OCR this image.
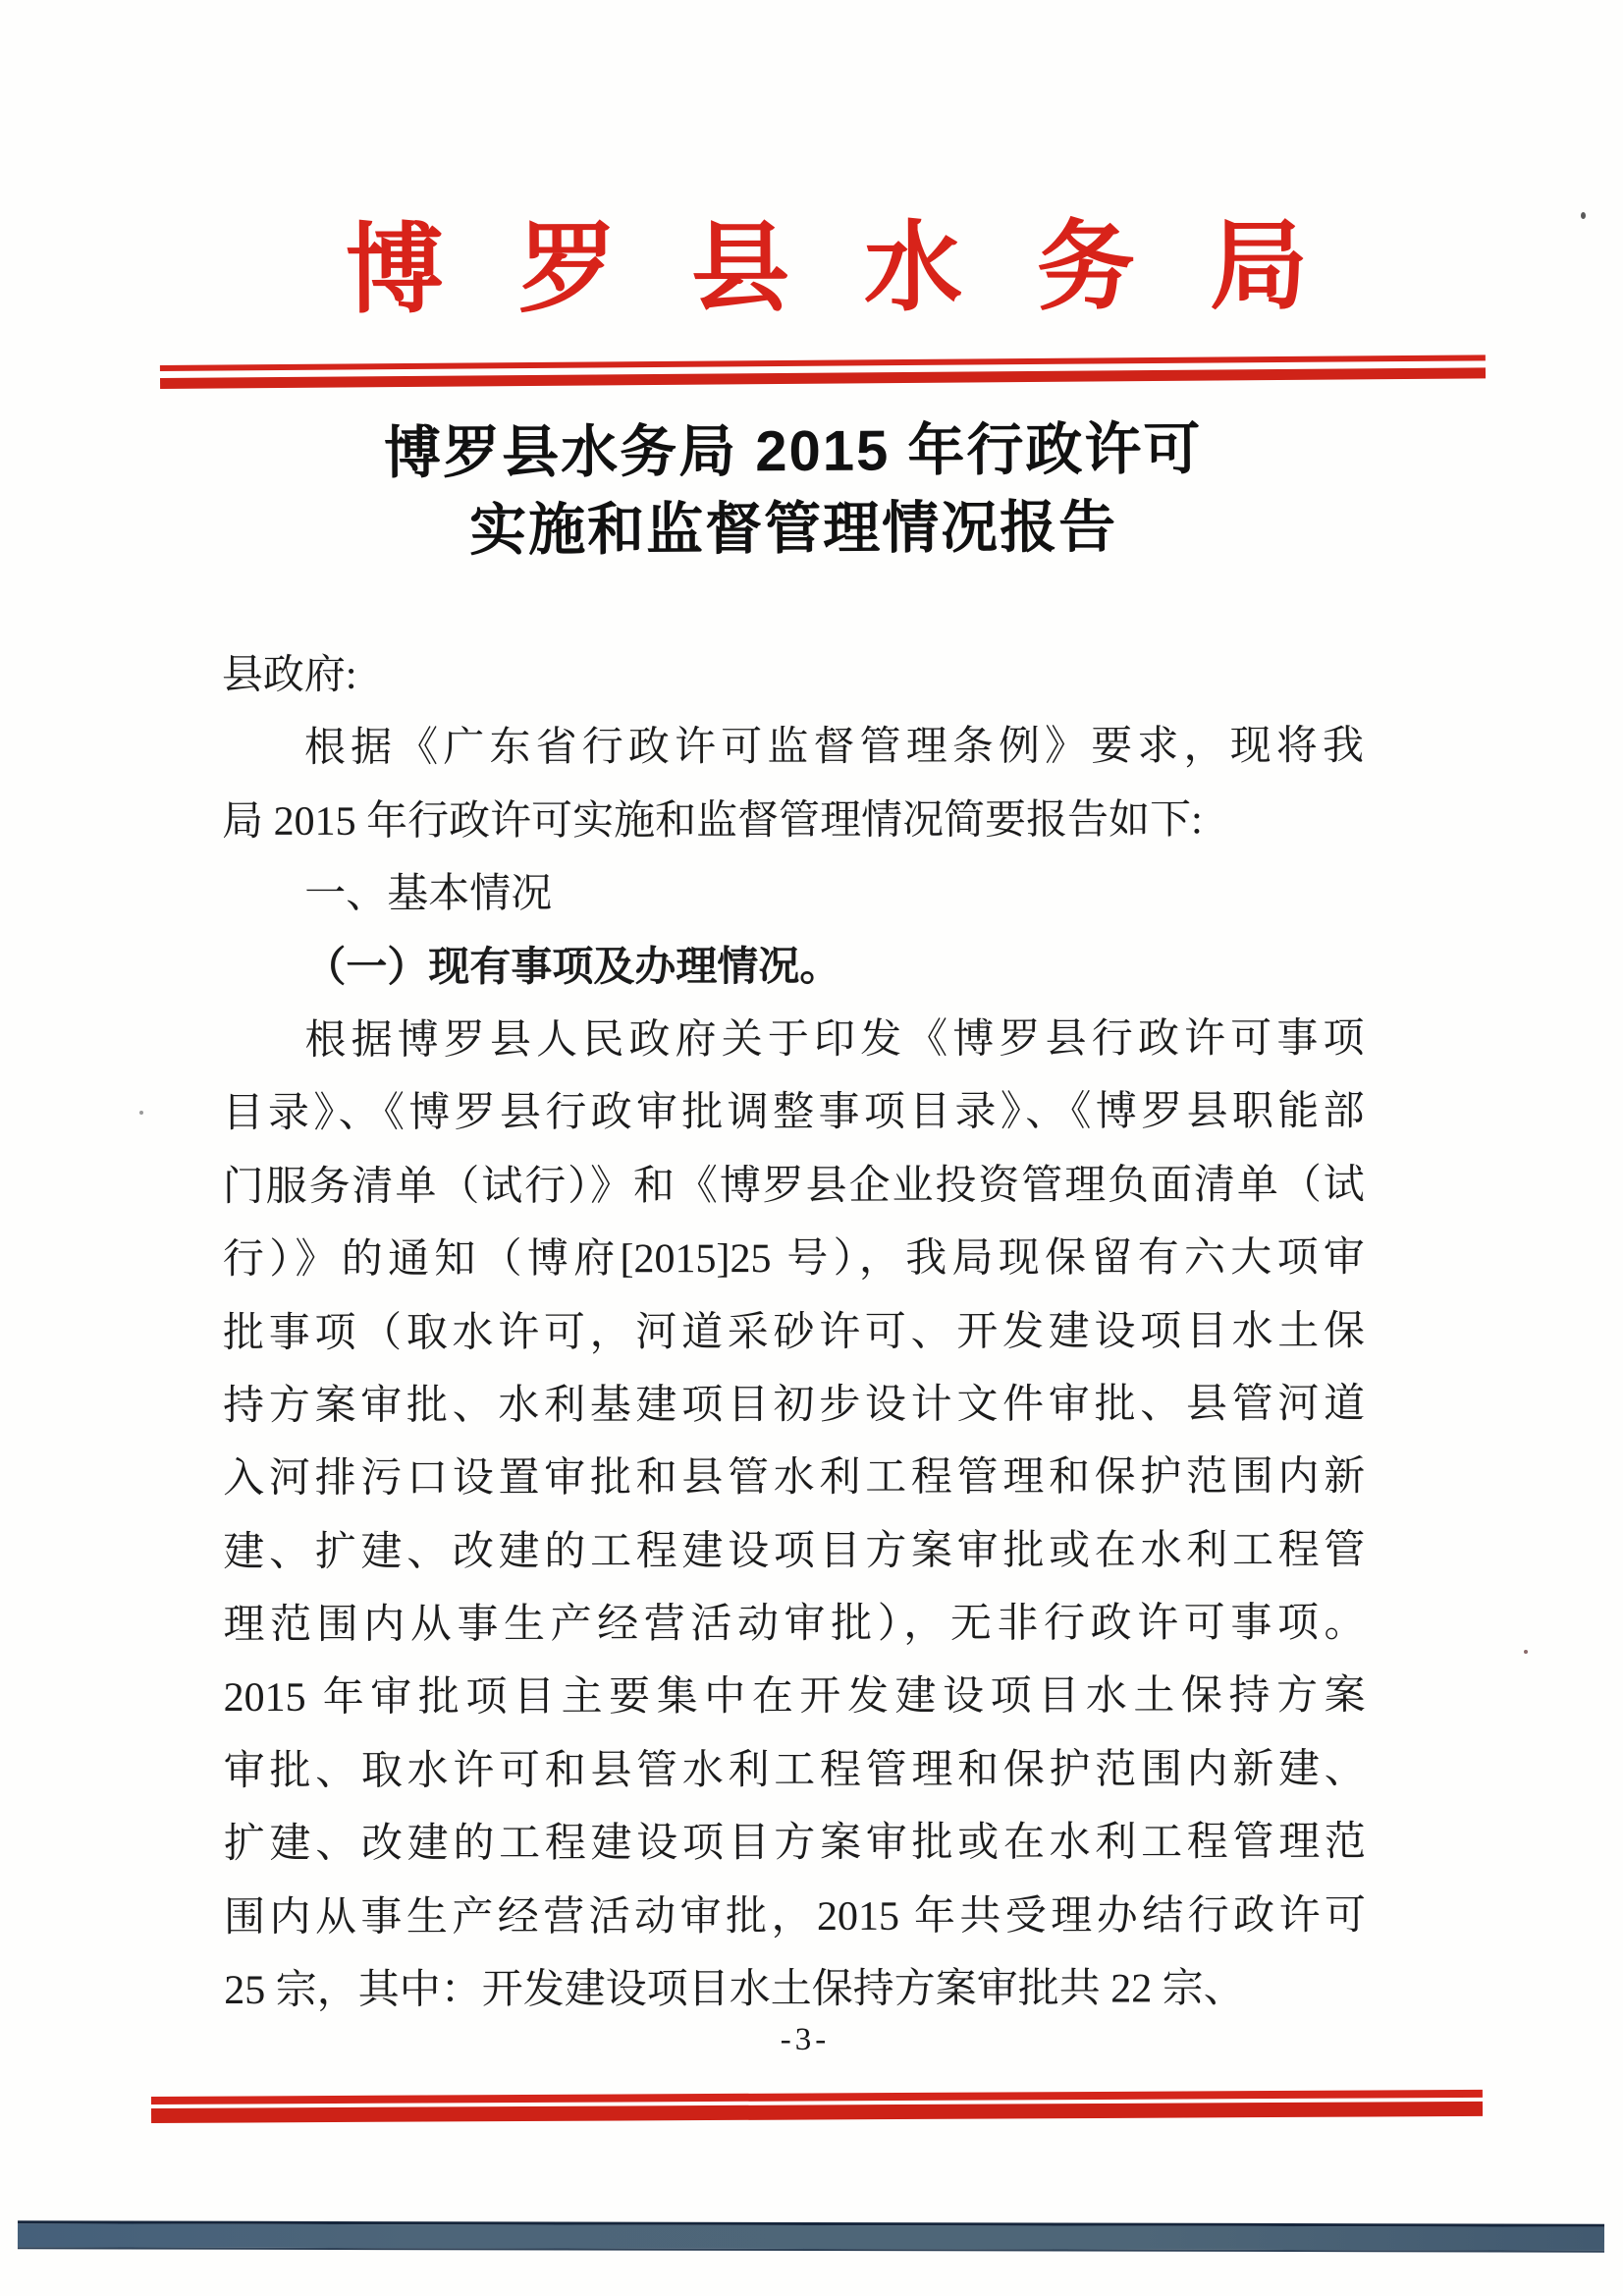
博罗县水务局
博罗县水务局 2015 年行政许可
实施和监督管理情况报告
县政府:
根据《广东省行政许可监督管理条例》要求，现将我
局 2015 年行政许可实施和监督管理情况简要报告如下:
一、基本情况
（一）现有事项及办理情况。
根据博罗县人民政府关于印发《博罗县行政许可事项
目录》、《博罗县行政审批调整事项目录》、《博罗县职能部
门服务清单（试行）》和《博罗县企业投资管理负面清单（试
行）》的通知（博府[2015]25 号），我局现保留有六大项审
批事项（取水许可，河道采砂许可、开发建设项目水土保
持方案审批、水利基建项目初步设计文件审批、县管河道
入河排污口设置审批和县管水利工程管理和保护范围内新
建、扩建、改建的工程建设项目方案审批或在水利工程管
理范围内从事生产经营活动审批），无非行政许可事项。
2015 年审批项目主要集中在开发建设项目水土保持方案
审批、取水许可和县管水利工程管理和保护范围内新建、
扩建、改建的工程建设项目方案审批或在水利工程管理范
围内从事生产经营活动审批，2015 年共受理办结行政许可
25 宗，其中：开发建设项目水土保持方案审批共 22 宗、
-3-
